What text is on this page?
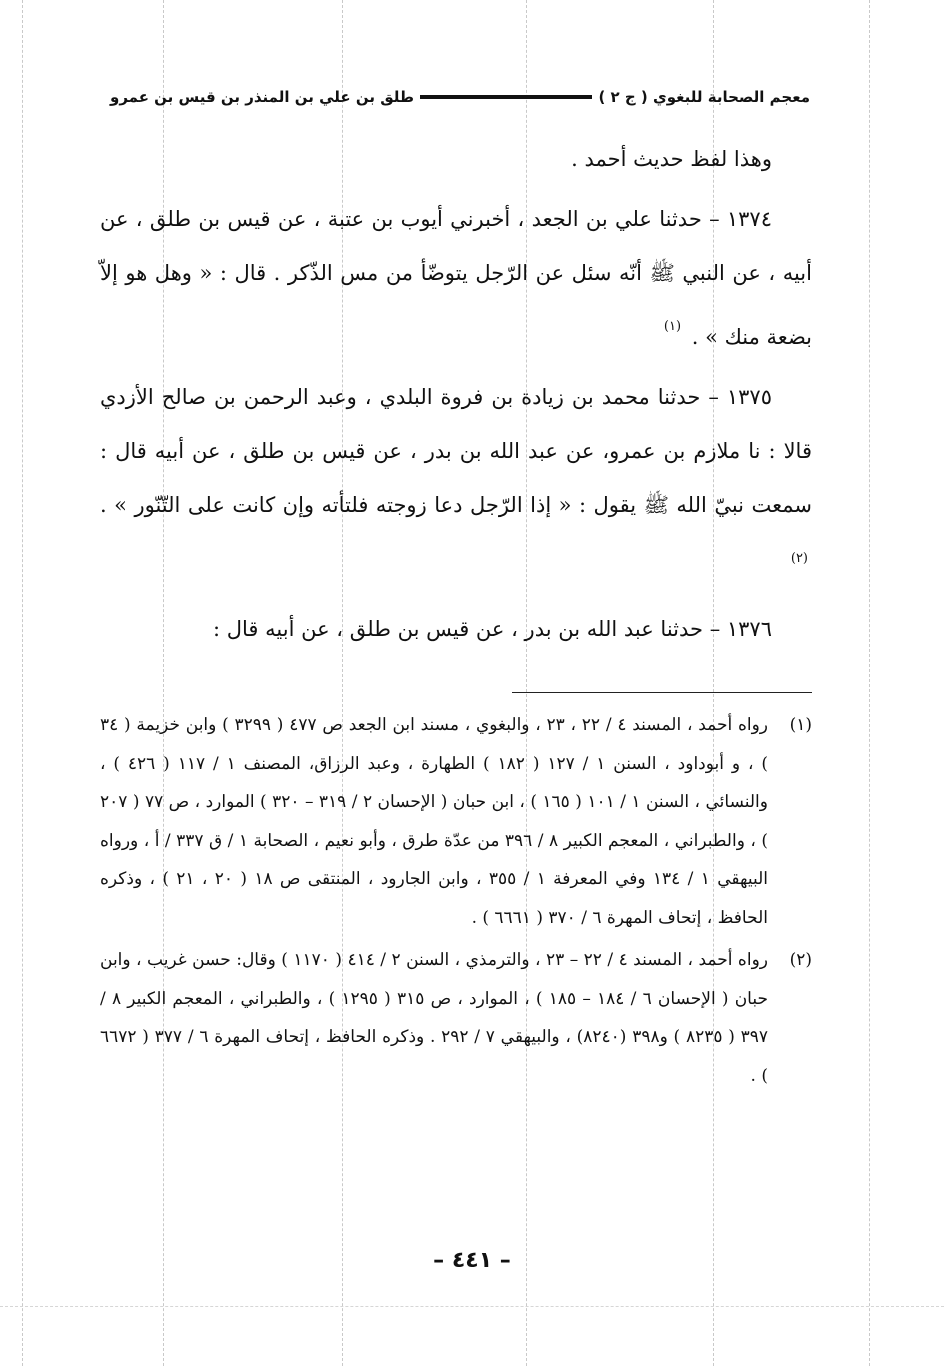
معجم الصحابة للبغوي ( ج ٢ )
طلق بن علي بن المنذر بن قيس بن عمرو

وهذا لفظ حديث أحمد .

١٣٧٤ – حدثنا علي بن الجعد ، أخبرني أيوب بن عتبة ، عن قيس بن طلق ، عن أبيه ، عن النبي ﷺ أنّه سئل عن الرّجل يتوضّأ من مس الذّكر . قال : « وهل هو إلاّ بضعة منك » . $^{(١)}$

١٣٧٥ – حدثنا محمد بن زيادة بن فروة البلدي ، وعبد الرحمن بن صالح الأزدي قالا : نا ملازم بن عمرو، عن عبد الله بن بدر ، عن قيس بن طلق ، عن أبيه قال : سمعت نبيّ الله ﷺ يقول : « إذا الرّجل دعا زوجته فلتأته وإن كانت على التّنّور » . $^{(٢)}$

١٣٧٦ – حدثنا عبد الله بن بدر ، عن قيس بن طلق ، عن أبيه قال :

(١)
رواه أحمد ، المسند ٤ / ٢٢ ، ٢٣ ، والبغوي ، مسند ابن الجعد ص ٤٧٧ ( ٣٢٩٩ ) وابن خزيمة ( ٣٤ ) ، و أبوداود ، السنن ١ / ١٢٧ ( ١٨٢ ) الطهارة ، وعبد الرزاق، المصنف ١ / ١١٧ ( ٤٢٦ ) ، والنسائي ، السنن ١ / ١٠١ ( ١٦٥ ) ، ابن حبان ( الإحسان ٢ / ٣١٩ – ٣٢٠ ) الموارد ، ص ٧٧ ( ٢٠٧ ) ، والطبراني ، المعجم الكبير ٨ / ٣٩٦ من عدّة طرق ، وأبو نعيم ، الصحابة ١ / ق ٣٣٧ / أ ، ورواه البيهقي ١ / ١٣٤ وفي المعرفة ١ / ٣٥٥ ، وابن الجارود ، المنتقى ص ١٨ ( ٢٠ ، ٢١ ) ، وذكره الحافظ ، إتحاف المهرة ٦ / ٣٧٠ ( ٦٦٦١ ) .
(٢)
رواه أحمد ، المسند ٤ / ٢٢ – ٢٣ ، والترمذي ، السنن ٢ / ٤١٤ ( ١١٧٠ ) وقال: حسن غريب ، وابن حبان ( الإحسان ٦ / ١٨٤ – ١٨٥ ) ، الموارد ، ص ٣١٥ ( ١٢٩٥ ) ، والطبراني ، المعجم الكبير ٨ / ٣٩٧ ( ٨٢٣٥ ) و٣٩٨ (٨٢٤٠) ، والبيهقي ٧ / ٢٩٢ . وذكره الحافظ ، إتحاف المهرة ٦ / ٣٧٧ ( ٦٦٧٢ ) .
– ٤٤١ –
